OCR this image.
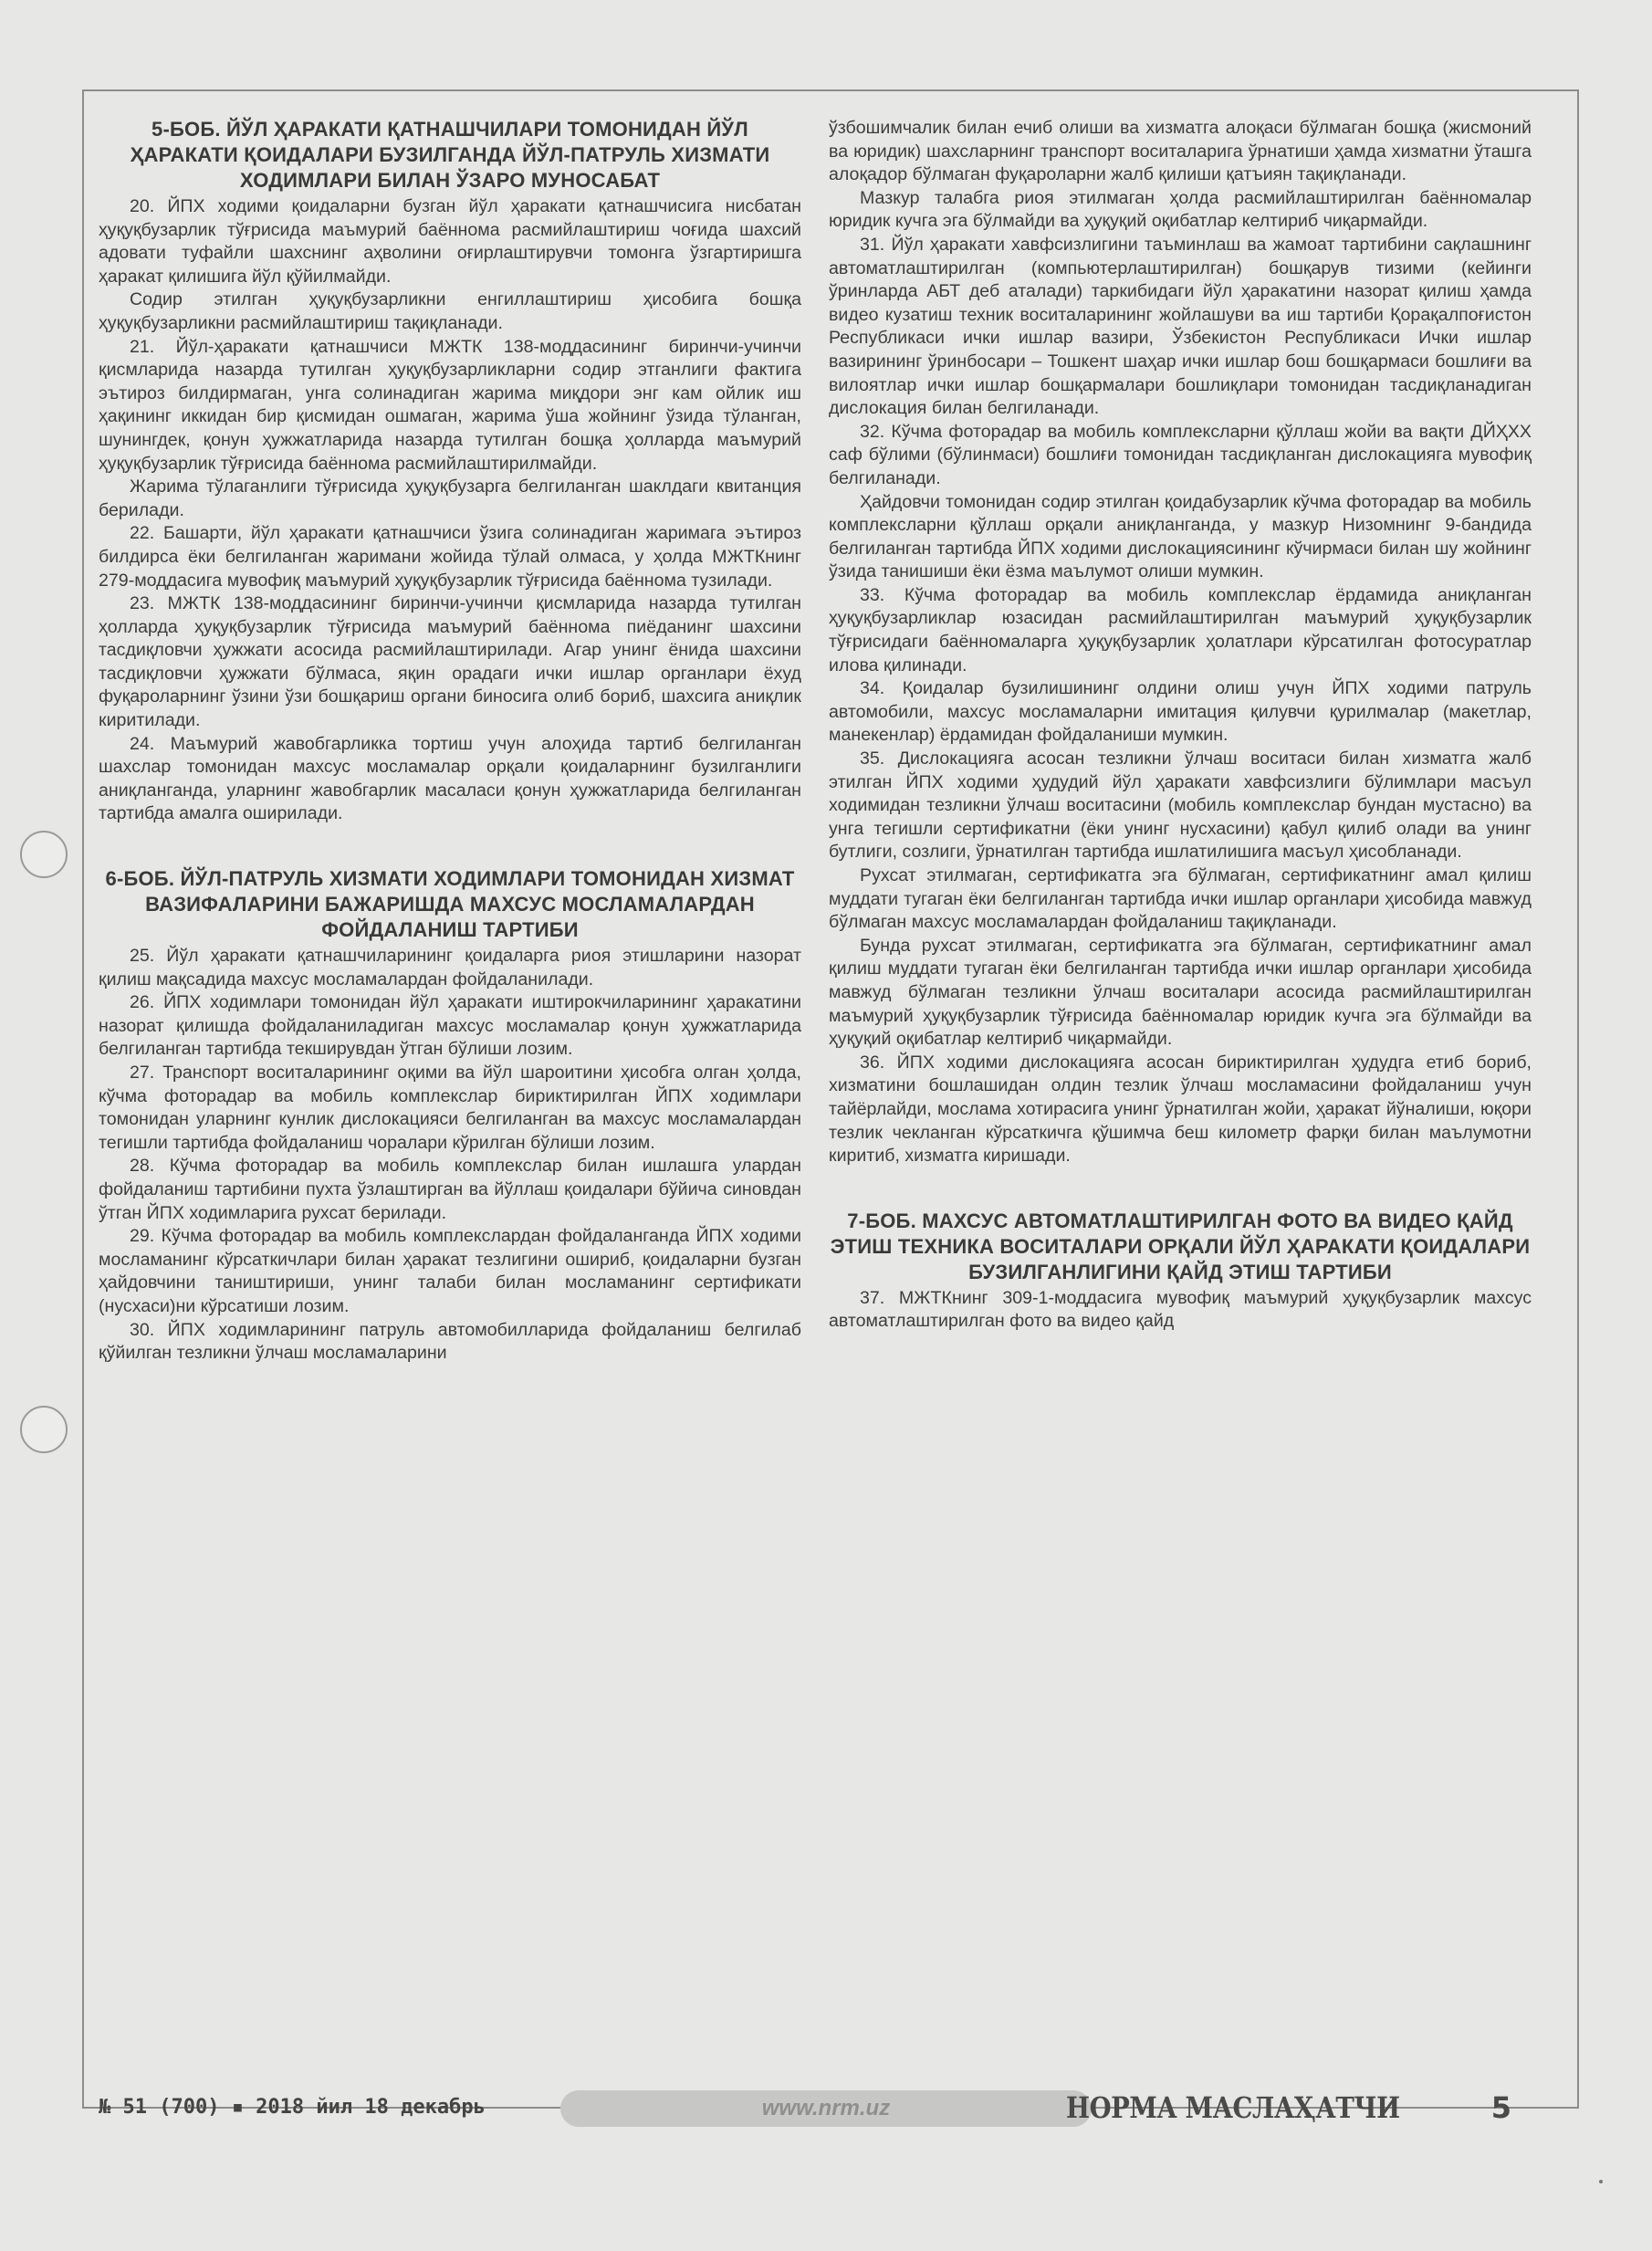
5-БОБ. ЙЎЛ ҲАРАКАТИ ҚАТНАШЧИЛАРИ ТОМОНИДАН ЙЎЛ ҲАРАКАТИ ҚОИДАЛАРИ БУЗИЛГАНДА ЙЎЛ-ПАТРУЛЬ ХИЗМАТИ ХОДИМЛАРИ БИЛАН ЎЗАРО МУНОСАБАТ

20. ЙПХ ходими қоидаларни бузган йўл ҳаракати қатнашчисига нисбатан ҳуқуқбузарлик тўғрисида маъмурий баённома расмийлаштириш чоғида шахсий адовати туфайли шахснинг аҳволини оғирлаштирувчи томонга ўзгартиришга ҳаракат қилишига йўл қўйилмайди.

Содир этилган ҳуқуқбузарликни енгиллаштириш ҳисобига бошқа ҳуқуқбузарликни расмийлаштириш тақиқланади.

21. Йўл-ҳаракати қатнашчиси МЖТК 138-моддасининг биринчи-учинчи қисмларида назарда тутилган ҳуқуқбузарликларни содир этганлиги фактига эътироз билдирмаган, унга солинадиган жарима миқдори энг кам ойлик иш ҳақининг иккидан бир қисмидан ошмаган, жарима ўша жойнинг ўзида тўланган, шунингдек, қонун ҳужжатларида назарда тутилган бошқа ҳолларда маъмурий ҳуқуқбузарлик тўғрисида баённома расмийлаштирилмайди.

Жарима тўлаганлиги тўғрисида ҳуқуқбузарга белгиланган шаклдаги квитанция берилади.

22. Башарти, йўл ҳаракати қатнашчиси ўзига солинадиган жаримага эътироз билдирса ёки белгиланган жаримани жойида тўлай олмаса, у ҳолда МЖТКнинг 279-моддасига мувофиқ маъмурий ҳуқуқбузарлик тўғрисида баённома тузилади.

23. МЖТК 138-моддасининг биринчи-учинчи қисмларида назарда тутилган ҳолларда ҳуқуқбузарлик тўғрисида маъмурий баённома пиёданинг шахсини тасдиқловчи ҳужжати асосида расмийлаштирилади. Агар унинг ёнида шахсини тасдиқловчи ҳужжати бўлмаса, яқин орадаги ички ишлар органлари ёхуд фуқароларнинг ўзини ўзи бошқариш органи биносига олиб бориб, шахсига аниқлик киритилади.

24. Маъмурий жавобгарликка тортиш учун алоҳида тартиб белгиланган шахслар томонидан махсус мосламалар орқали қоидаларнинг бузилганлиги аниқланганда, уларнинг жавобгарлик масаласи қонун ҳужжатларида белгиланган тартибда амалга оширилади.

6-БОБ. ЙЎЛ-ПАТРУЛЬ ХИЗМАТИ ХОДИМЛАРИ ТОМОНИДАН ХИЗМАТ ВАЗИФАЛАРИНИ БАЖАРИШДА МАХСУС МОСЛАМАЛАРДАН ФОЙДАЛАНИШ ТАРТИБИ

25. Йўл ҳаракати қатнашчиларининг қоидаларга риоя этишларини назорат қилиш мақсадида махсус мосламалардан фойдаланилади.

26. ЙПХ ходимлари томонидан йўл ҳаракати иштирокчиларининг ҳаракатини назорат қилишда фойдаланиладиган махсус мосламалар қонун ҳужжатларида белгиланган тартибда текширувдан ўтган бўлиши лозим.

27. Транспорт воситаларининг оқими ва йўл шароитини ҳисобга олган ҳолда, кўчма фоторадар ва мобиль комплекслар бириктирилган ЙПХ ходимлари томонидан уларнинг кунлик дислокацияси белгиланган ва махсус мосламалардан тегишли тартибда фойдаланиш чоралари кўрилган бўлиши лозим.

28. Кўчма фоторадар ва мобиль комплекслар билан ишлашга улардан фойдаланиш тартибини пухта ўзлаштирган ва йўллаш қоидалари бўйича синовдан ўтган ЙПХ ходимларига рухсат берилади.

29. Кўчма фоторадар ва мобиль комплекслардан фойдаланганда ЙПХ ходими мосламанинг кўрсаткичлари билан ҳаракат тезлигини ошириб, қоидаларни бузган ҳайдовчини таништириши, унинг талаби билан мосламанинг сертификати (нусхаси)ни кўрсатиши лозим.

30. ЙПХ ходимларининг патруль автомобилларида фойдаланиш белгилаб қўйилган тезликни ўлчаш мосламаларини

ўзбошимчалик билан ечиб олиши ва хизматга алоқаси бўлмаган бошқа (жисмоний ва юридик) шахсларнинг транспорт воситаларига ўрнатиши ҳамда хизматни ўташга алоқадор бўлмаган фуқароларни жалб қилиши қатъиян тақиқланади.

Мазкур талабга риоя этилмаган ҳолда расмийлаштирилган баённомалар юридик кучга эга бўлмайди ва ҳуқуқий оқибатлар келтириб чиқармайди.

31. Йўл ҳаракати хавфсизлигини таъминлаш ва жамоат тартибини сақлашнинг автоматлаштирилган (компьютерлаштирилган) бошқарув тизими (кейинги ўринларда АБТ деб аталади) таркибидаги йўл ҳаракатини назорат қилиш ҳамда видео кузатиш техник воситаларининг жойлашуви ва иш тартиби Қорақалпоғистон Республикаси ички ишлар вазири, Ўзбекистон Республикаси Ички ишлар вазирининг ўринбосари – Тошкент шаҳар ички ишлар бош бошқармаси бошлиғи ва вилоятлар ички ишлар бошқармалари бошлиқлари томонидан тасдиқланадиган дислокация билан белгиланади.

32. Кўчма фоторадар ва мобиль комплексларни қўллаш жойи ва вақти ДЙҲХХ саф бўлими (бўлинмаси) бошлиғи томонидан тасдиқланган дислокацияга мувофиқ белгиланади.

Ҳайдовчи томонидан содир этилган қоидабузарлик кўчма фоторадар ва мобиль комплексларни қўллаш орқали аниқланганда, у мазкур Низомнинг 9-бандида белгиланган тартибда ЙПХ ходими дислокациясининг кўчирмаси билан шу жойнинг ўзида танишиши ёки ёзма маълумот олиши мумкин.

33. Кўчма фоторадар ва мобиль комплекслар ёрдамида аниқланган ҳуқуқбузарликлар юзасидан расмийлаштирилган маъмурий ҳуқуқбузарлик тўғрисидаги баённомаларга ҳуқуқбузарлик ҳолатлари кўрсатилган фотосуратлар илова қилинади.

34. Қоидалар бузилишининг олдини олиш учун ЙПХ ходими патруль автомобили, махсус мосламаларни имитация қилувчи қурилмалар (макетлар, манекенлар) ёрдамидан фойдаланиши мумкин.

35. Дислокацияга асосан тезликни ўлчаш воситаси билан хизматга жалб этилган ЙПХ ходими ҳудудий йўл ҳаракати хавфсизлиги бўлимлари масъул ходимидан тезликни ўлчаш воситасини (мобиль комплекслар бундан мустасно) ва унга тегишли сертификатни (ёки унинг нусхасини) қабул қилиб олади ва унинг бутлиги, созлиги, ўрнатилган тартибда ишлатилишига масъул ҳисобланади.

Рухсат этилмаган, сертификатга эга бўлмаган, сертификатнинг амал қилиш муддати тугаган ёки белгиланган тартибда ички ишлар органлари ҳисобида мавжуд бўлмаган махсус мосламалардан фойдаланиш тақиқланади.

Бунда рухсат этилмаган, сертификатга эга бўлмаган, сертификатнинг амал қилиш муддати тугаган ёки белгиланган тартибда ички ишлар органлари ҳисобида мавжуд бўлмаган тезликни ўлчаш воситалари асосида расмийлаштирилган маъмурий ҳуқуқбузарлик тўғрисида баённомалар юридик кучга эга бўлмайди ва ҳуқуқий оқибатлар келтириб чиқармайди.

36. ЙПХ ходими дислокацияга асосан бириктирилган ҳудудга етиб бориб, хизматини бошлашидан олдин тезлик ўлчаш мосламасини фойдаланиш учун тайёрлайди, мослама хотирасига унинг ўрнатилган жойи, ҳаракат йўналиши, юқори тезлик чекланган кўрсаткичга қўшимча беш километр фарқи билан маълумотни киритиб, хизматга киришади.

7-БОБ. МАХСУС АВТОМАТЛАШТИРИЛГАН ФОТО ВА ВИДЕО ҚАЙД ЭТИШ ТЕХНИКА ВОСИТАЛАРИ ОРҚАЛИ ЙЎЛ ҲАРАКАТИ ҚОИДАЛАРИ БУЗИЛГАНЛИГИНИ ҚАЙД ЭТИШ ТАРТИБИ

37. МЖТКнинг 309-1-моддасига мувофиқ маъмурий ҳуқуқбузарлик махсус автоматлаштирилган фото ва видео қайд

№ 51 (700) ▪ 2018 йил 18 декабрь	www.nrm.uz	НОРМА МАСЛАҲАТЧИ	5
